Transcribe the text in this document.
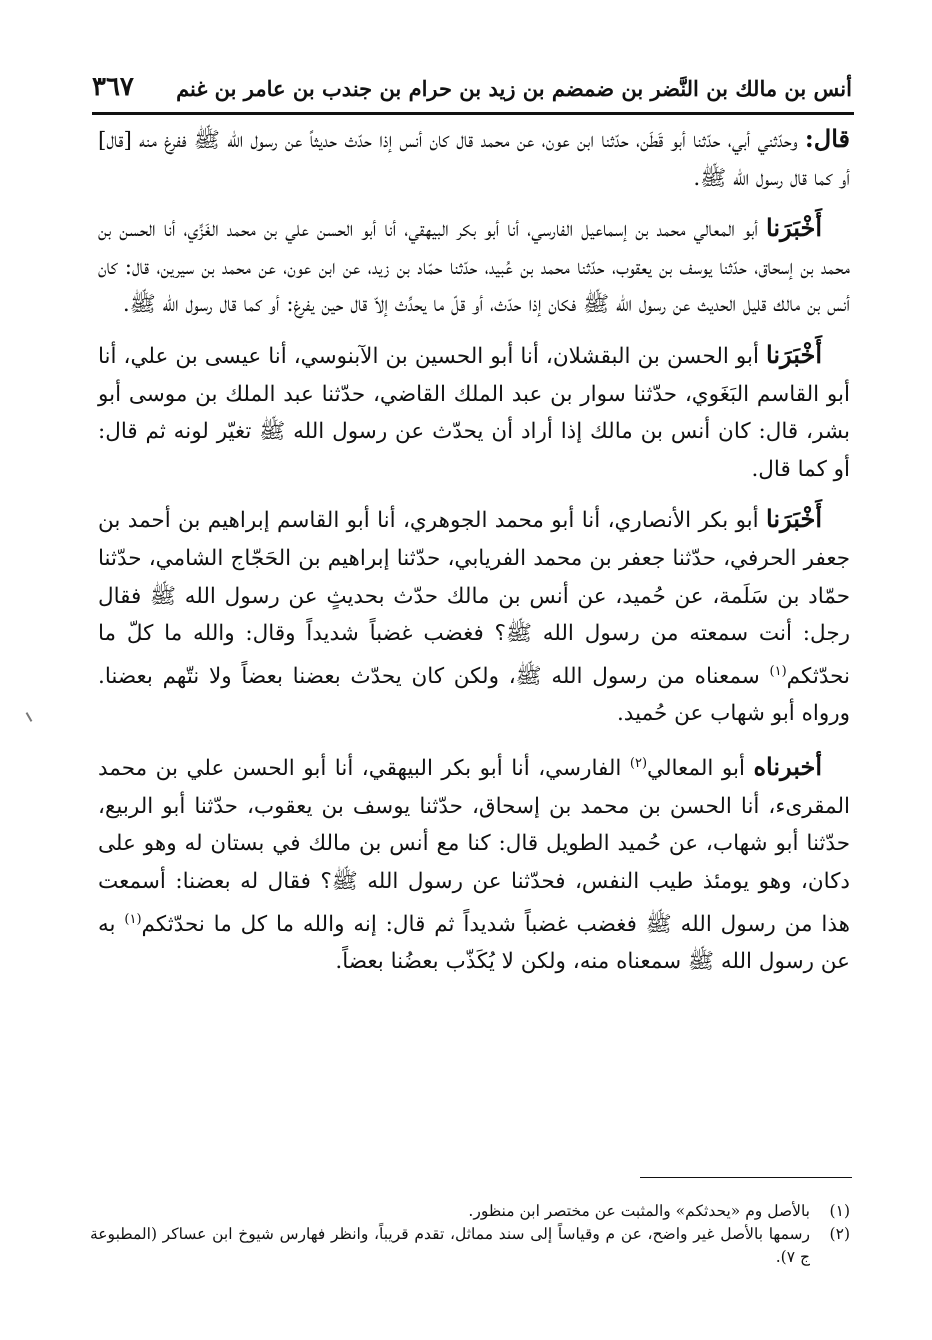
أنس بن مالك بن النَّضر بن ضمضم بن زيد بن حرام بن جندب بن عامر بن غنم
٣٦٧

قال: وحدّثني أبي، حدّثنا أبو قَطَن، حدّثنا ابن عون، عن محمد قال كان أنس إذا حدّث حديثاً عن رسول الله ﷺ ففرغ منه [قال] أو كما قال رسول الله ﷺ.

أَخْبَرَنا أبو المعالي محمد بن إسماعيل الفارسي، أنا أبو بكر البيهقي، أنا أبو الحسن علي بن محمد الغَزِّي، أنا الحسن بن محمد بن إسحاق، حدّثنا يوسف بن يعقوب، حدّثنا محمد بن عُبيد، حدّثنا حمّاد بن زيد، عن ابن عون، عن محمد بن سيرين، قال: كان أنس بن مالك قليل الحديث عن رسول الله ﷺ فكان إذا حدّث، أو قلّ ما يحدِّث إلاّ قال حين يفرغ: أو كما قال رسول الله ﷺ.

أَخْبَرَنا أبو الحسن بن البقشلان، أنا أبو الحسين بن الآبنوسي، أنا عيسى بن علي، أنا أبو القاسم البَغَوي، حدّثنا سوار بن عبد الملك القاضي، حدّثنا عبد الملك بن موسى أبو بشر، قال: كان أنس بن مالك إذا أراد أن يحدّث عن رسول الله ﷺ تغيّر لونه ثم قال: أو كما قال.

أَخْبَرَنا أبو بكر الأنصاري، أنا أبو محمد الجوهري، أنا أبو القاسم إبراهيم بن أحمد بن جعفر الحرفي، حدّثنا جعفر بن محمد الفريابي، حدّثنا إبراهيم بن الحَجّاج الشامي، حدّثنا حمّاد بن سَلَمة، عن حُميد، عن أنس بن مالك حدّث بحديثٍ عن رسول الله ﷺ فقال رجل: أنت سمعته من رسول الله ﷺ؟ فغضب غضباً شديداً وقال: والله ما كلّ ما نحدّثكم$^{(١)}$ سمعناه من رسول الله ﷺ، ولكن كان يحدّث بعضنا بعضاً ولا نتّهم بعضنا. ورواه أبو شهاب عن حُميد.

أخبرناه أبو المعالي$^{(٢)}$ الفارسي، أنا أبو بكر البيهقي، أنا أبو الحسن علي بن محمد المقرىء، أنا الحسن بن محمد بن إسحاق، حدّثنا يوسف بن يعقوب، حدّثنا أبو الربيع، حدّثنا أبو شهاب، عن حُميد الطويل قال: كنا مع أنس بن مالك في بستان له وهو على دكان، وهو يومئذ طيب النفس، فحدّثنا عن رسول الله ﷺ؟ فقال له بعضنا: أسمعت هذا من رسول الله ﷺ فغضب غضباً شديداً ثم قال: إنه والله ما كل ما نحدّثكم$^{(١)}$ به عن رسول الله ﷺ سمعناه منه، ولكن لا يُكَذّب بعضُنا بعضاً.

(١)
بالأصل وم «يحدثكم» والمثبت عن مختصر ابن منظور.
(٢)
رسمها بالأصل غير واضح، عن م وقياساً إلى سند مماثل، تقدم قريباً، وانظر فهارس شيوخ ابن عساكر (المطبوعة ج ٧).
